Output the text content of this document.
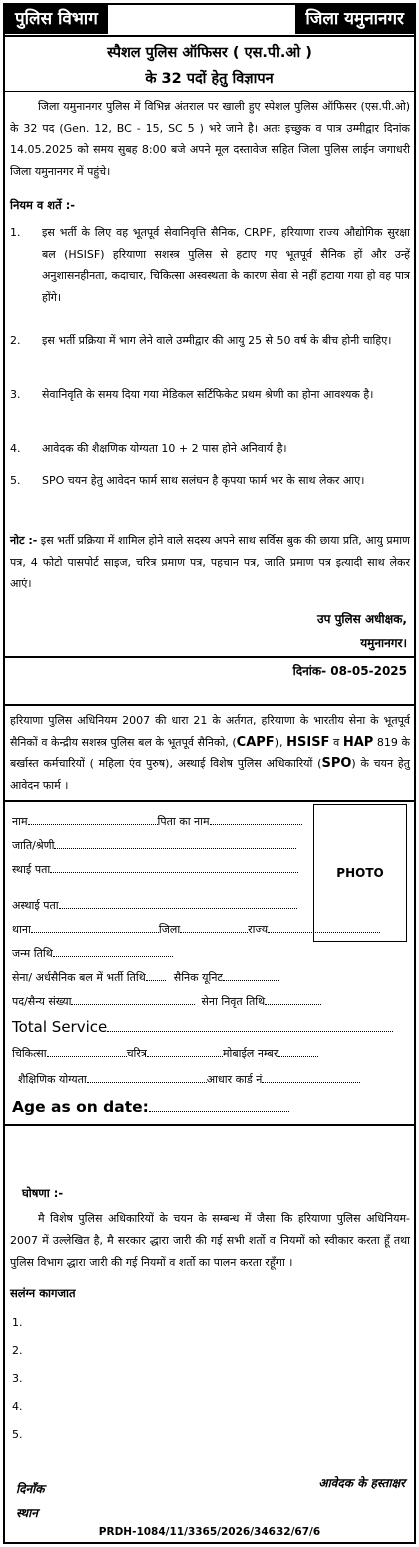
पुलिस विभाग	जिला यमुनानगर
स्पैशल पुलिस ऑफिसर ( एस.पी.ओ )
के 32 पदों हेतु विज्ञापन
जिला यमुनानगर पुलिस में विभिन्न अंतराल पर खाली हुए स्पेशल पुलिस ऑफिसर (एस.पी.ओ) के 32 पद (Gen. 12, BC - 15, SC 5 ) भरे जाने है। अतः इच्छुक व पात्र उम्मीद्वार दिनांक 14.05.2025 को समय सुबह 8:00 बजे अपने मूल दस्तावेज सहित जिला पुलिस लाईन जगाधरी जिला यमुनानगर में पहुंचे।
नियम व शर्ते :-
1.	इस भर्ती के लिए वह भूतपूर्व सेवानिवृत्ति सैनिक, CRPF, हरियाणा राज्य औद्योगिक सुरक्षा बल (HSISF) हरियाणा सशस्त्र पुलिस से हटाए गए भूतपूर्व सैनिक हों और उन्हें अनुशासनहीनता, कदाचार, चिकित्सा अस्वस्थता के कारण सेवा से नहीं हटाया गया हो वह पात्र होंगे।
2.	इस भर्ती प्रक्रिया में भाग लेने वाले उम्मीद्वार की आयु 25 से 50 वर्ष के बीच होनी चाहिए।
3.	सेवानिवृति के समय दिया गया मेडिकल सर्टिफिकेट प्रथम श्रेणी का होना आवश्यक है।
4.	आवेदक की शैक्षणिक योग्यता 10 + 2 पास होने अनिवार्य है।
5.	SPO चयन हेतु आवेदन फार्म साथ सलंघन है कृपया फार्म भर के साथ लेकर आए।
नोट :- इस भर्ती प्रक्रिया में शामिल होने वाले सदस्य अपने साथ सर्विस बुक की छाया प्रति, आयु प्रमाण पत्र, 4 फोटो पासपोर्ट साइज, चरित्र प्रमाण पत्र, पहचान पत्र, जाति प्रमाण पत्र इत्यादी साथ लेकर आएं।
उप पुलिस अधीक्षक,
यमुनानगर।
दिनांक- 08-05-2025
हरियाणा पुलिस अधिनियम 2007 की धारा 21 के अर्तगत, हरियाणा के भारतीय सेना के भूतपूर्व सैनिकों व केन्द्रीय सशस्त्र पुलिस बल के भूतपूर्व सैनिको, (CAPF), HSISF व HAP 819 के बर्खास्त कर्मचारियों ( महिला एंव पुरुष), अस्थाई विशेष पुलिस अधिकारियों (SPO) के चयन हेतु आवेदन फार्म ।
PHOTO
नाम	पिता का नाम
जाति/श्रेणी
स्थाई पता
अस्थाई पता
थाना	जिला	राज्य
जन्म तिथि
सेना/ अर्धसैनिक बल में भर्ती तिथि	सैनिक यूनिट
पद/सैन्य संख्या	सेना निवृत तिथि
Total Service
चिकित्सा	चरित्र	मोबाईल नम्बर
शैक्षिणिक योग्यता	आधार कार्ड नं
Age as on date:
घोषणा :-
मै विशेष पुलिस अधिकारियों के चयन के सम्बन्ध में जैसा कि हरियाणा पुलिस अधिनियम- 2007 में उल्लेखित है, मै सरकार द्धारा जारी की गई सभी शर्तो व नियमों को स्वीकार करता हूँ तथा पुलिस विभाग द्धारा जारी की गई नियमों व शर्तो का पालन करता रहूँगा ।
सलंग्न कागजात
1.
2.
3.
4.
5.
आवेदक के हस्ताक्षर
दिनाँक
स्थान
PRDH-1084/11/3365/2026/34632/67/6
